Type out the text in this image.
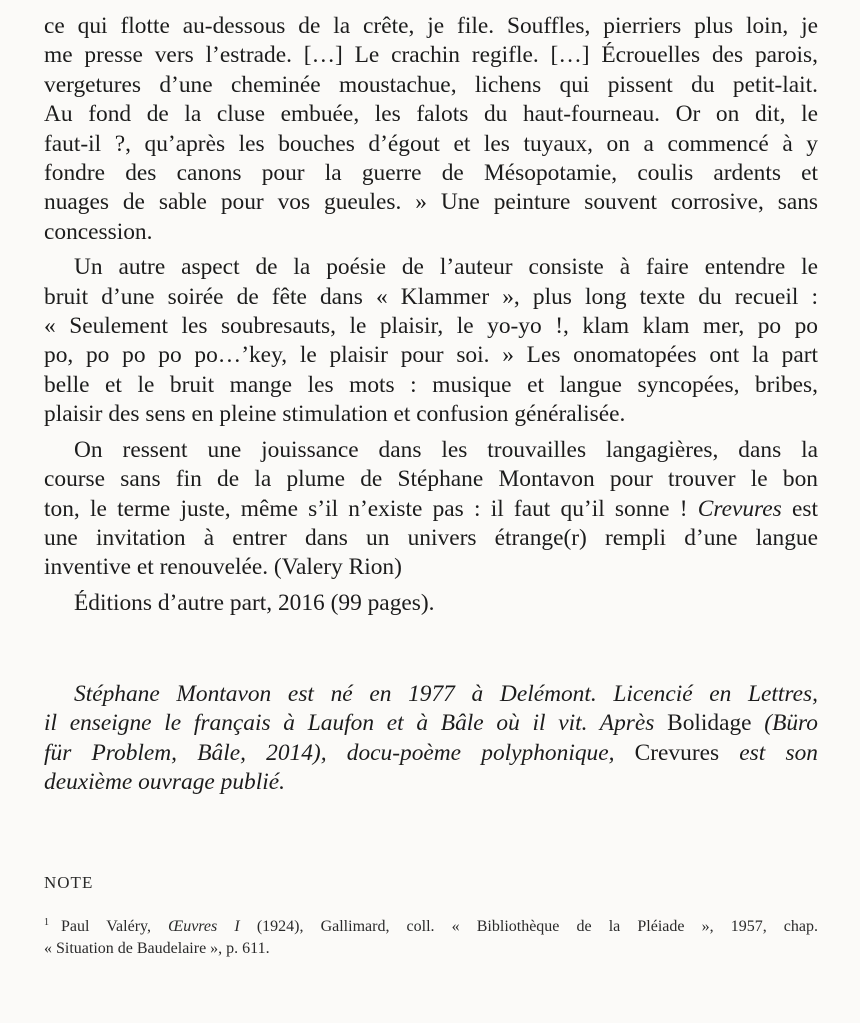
ce qui flotte au-dessous de la crête, je file. Souffles, pierriers plus loin, je
me presse vers l’estrade. […] Le crachin regifle. […] Écrouelles des parois,
vergetures d’une cheminée moustachue, lichens qui pissent du petit-lait.
Au fond de la cluse embuée, les falots du haut-fourneau. Or on dit, le
faut-il ?, qu’après les bouches d’égout et les tuyaux, on a commencé à y
fondre des canons pour la guerre de Mésopotamie, coulis ardents et
nuages de sable pour vos gueules. » Une peinture souvent corrosive, sans
concession.

Un autre aspect de la poésie de l’auteur consiste à faire entendre le
bruit d’une soirée de fête dans « Klammer », plus long texte du recueil :
« Seulement les soubresauts, le plaisir, le yo-yo !, klam klam mer, po po
po, po po po po…’key, le plaisir pour soi. » Les onomatopées ont la part
belle et le bruit mange les mots : musique et langue syncopées, bribes,
plaisir des sens en pleine stimulation et confusion généralisée.

On ressent une jouissance dans les trouvailles langagières, dans la
course sans fin de la plume de Stéphane Montavon pour trouver le bon
ton, le terme juste, même s’il n’existe pas : il faut qu’il sonne ! Crevures est
une invitation à entrer dans un univers étrange(r) rempli d’une langue
inventive et renouvelée. (Valery Rion)

Éditions d’autre part, 2016 (99 pages).

Stéphane Montavon est né en 1977 à Delémont. Licencié en Lettres,
il enseigne le français à Laufon et à Bâle où il vit. Après Bolidage (Büro
für Problem, Bâle, 2014), docu-poème polyphonique, Crevures est son
deuxième ouvrage publié.
NOTE
$^1$ Paul Valéry, Œuvres I (1924), Gallimard, coll. « Bibliothèque de la Pléiade », 1957, chap.
« Situation de Baudelaire », p. 611.
